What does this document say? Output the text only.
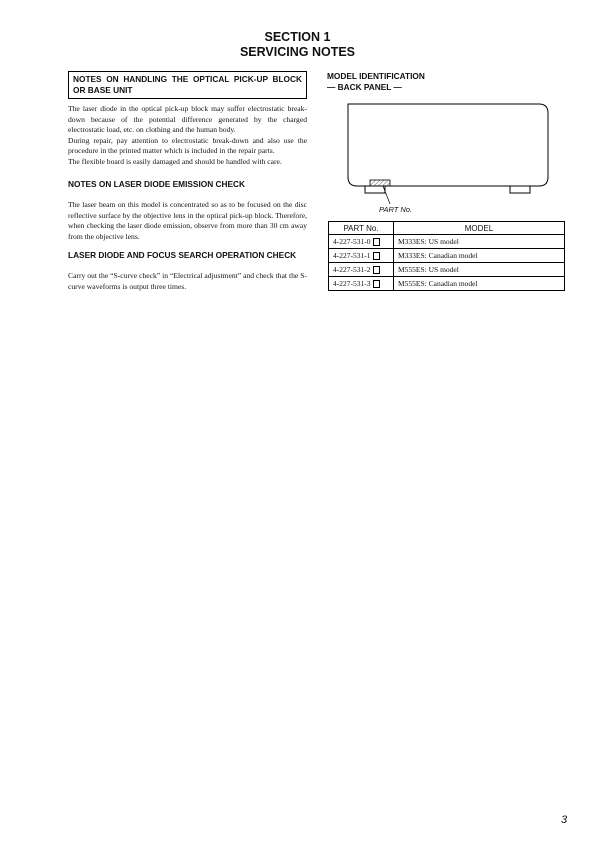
SECTION 1
SERVICING NOTES
NOTES ON HANDLING THE OPTICAL PICK-UP BLOCK OR BASE UNIT

The laser diode in the optical pick-up block may suffer electrostatic break-down because of the potential difference generated by the charged electrostatic load, etc. on clothing and the human body.

During repair, pay attention to electrostatic break-down and also use the procedure in the printed matter which is included in the repair parts.

The flexible board is easily damaged and should be handled with care.

NOTES ON LASER DIODE EMISSION CHECK

The laser beam on this model is concentrated so as to be focused on the disc reflective surface by the objective lens in the optical pick-up block. Therefore, when checking the laser diode emission, observe from more than 30 cm away from the objective lens.

LASER DIODE AND FOCUS SEARCH OPERATION CHECK

Carry out the “S-curve check” in “Electrical adjustment” and check that the S-curve waveforms is output three times.

MODEL IDENTIFICATION
— BACK PANEL —
PART No.
PART No.	MODEL
4-227-531-0	M333ES: US model
4-227-531-1	M333ES: Canadian model
4-227-531-2	M555ES: US model
4-227-531-3	M555ES: Canadian model
3
